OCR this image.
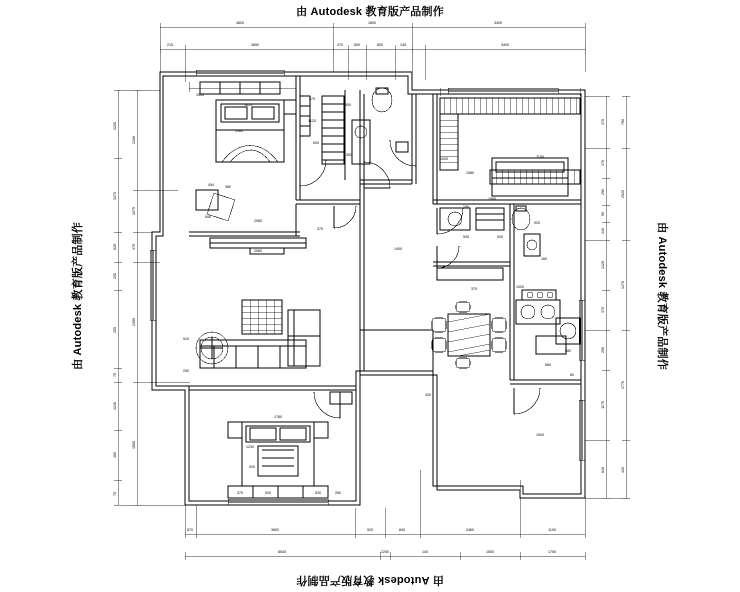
由 Autodesk 教育版产品制作
由 Autodesk 教育版产品制作
由 Autodesk 教育版产品制作	由 Autodesk 教育版产品制作
4800	1800	3400
4850
215	370	500	800	145	3400
570	3600	920	840	2460	1190
8540	2250	140	1500	1750
2200
3370
620
205
255
75
1240
300
70
2100
1075
470
2350
1580
470
170
290
90
140
1420
370
250
1170
640
790
2920
1470
1770
420
1550
1625
2085
370
1120
600
900
1300
454	380
540
2080
2080
370
510
200
1400
530	530
920
160
370	1000
580
560
80
190
1900
1100
1000
1080
420
1500
1230
920
1780
370	530	530	260
